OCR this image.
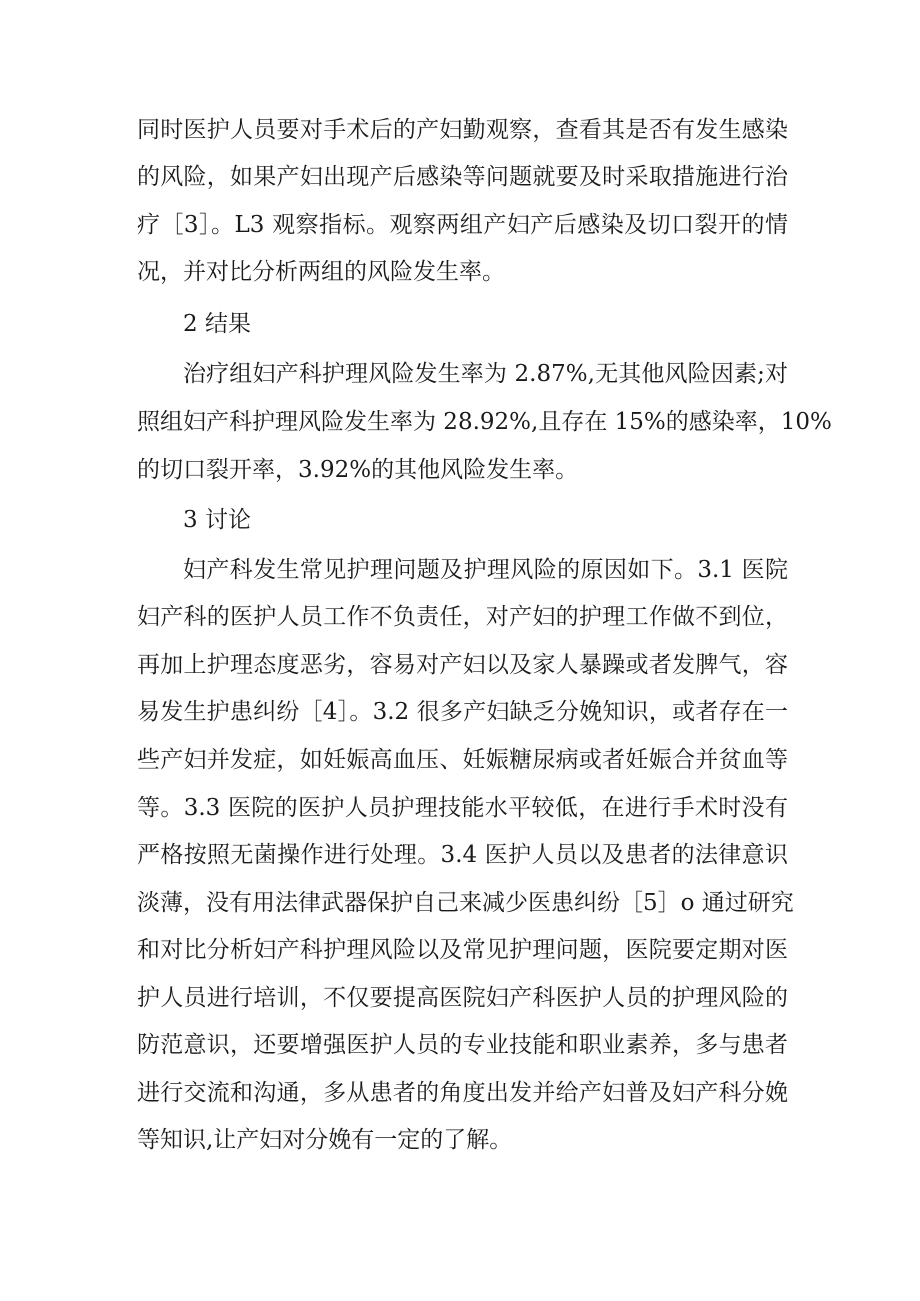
同时医护人员要对手术后的产妇勤观察，查看其是否有发生感染
的风险，如果产妇出现产后感染等问题就要及时采取措施进行治
疗［3］。L3 观察指标。观察两组产妇产后感染及切口裂开的情
况，并对比分析两组的风险发生率。
2 结果
治疗组妇产科护理风险发生率为 2.87%,无其他风险因素;对
照组妇产科护理风险发生率为 28.92%,且存在 15%的感染率，10%
的切口裂开率，3.92%的其他风险发生率。
3 讨论
妇产科发生常见护理问题及护理风险的原因如下。3.1 医院
妇产科的医护人员工作不负责任，对产妇的护理工作做不到位，
再加上护理态度恶劣，容易对产妇以及家人暴躁或者发脾气，容
易发生护患纠纷［4］。3.2 很多产妇缺乏分娩知识，或者存在一
些产妇并发症，如妊娠高血压、妊娠糖尿病或者妊娠合并贫血等
等。3.3 医院的医护人员护理技能水平较低，在进行手术时没有
严格按照无菌操作进行处理。3.4 医护人员以及患者的法律意识
淡薄，没有用法律武器保护自己来减少医患纠纷［5］o 通过研究
和对比分析妇产科护理风险以及常见护理问题，医院要定期对医
护人员进行培训，不仅要提高医院妇产科医护人员的护理风险的
防范意识，还要增强医护人员的专业技能和职业素养，多与患者
进行交流和沟通，多从患者的角度出发并给产妇普及妇产科分娩
等知识,让产妇对分娩有一定的了解。
